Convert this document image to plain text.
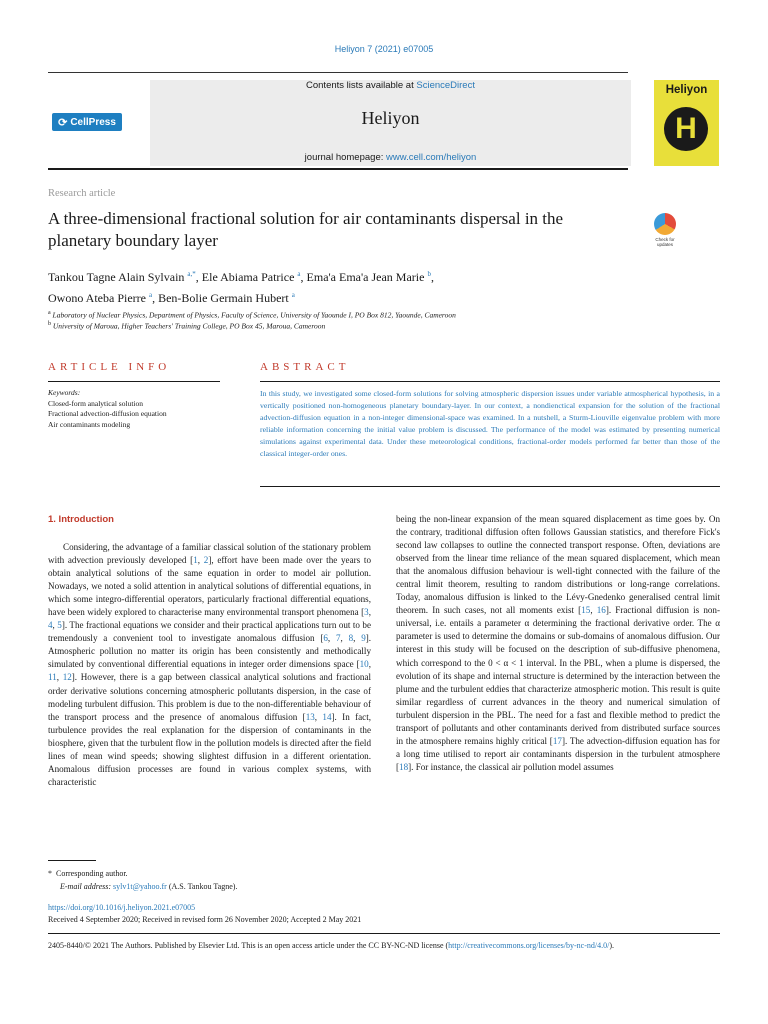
Heliyon 7 (2021) e07005
⟳ CellPress
Contents lists available at ScienceDirect
Heliyon
journal homepage: www.cell.com/heliyon
Heliyon
H
Research article
A three-dimensional fractional solution for air contaminants dispersal in the planetary boundary layer	Check for updates
Tankou Tagne Alain Sylvain $^{a,*}$, Ele Abiama Patrice $^a$, Ema'a Ema'a Jean Marie $^b$,
Owono Ateba Pierre $^a$, Ben-Bolie Germain Hubert $^a$
$^a$ Laboratory of Nuclear Physics, Department of Physics, Faculty of Science, University of Yaounde I, PO Box 812, Yaounde, Cameroon
$^b$ University of Maroua, Higher Teachers' Training College, PO Box 45, Maroua, Cameroon
ARTICLE INFO	ABSTRACT
Keywords:
Closed-form analytical solution
Fractional advection-diffusion equation
Air contaminants modeling
In this study, we investigated some closed-form solutions for solving atmospheric dispersion issues under variable atmospherical hypothesis, in a vertically positioned non-homogeneous planetary boundary-layer. In our context, a nondienctical expansion for the solution of the fractional advection-diffusion equation in a non-integer dimensional-space was examined. In a nutshell, a Sturm-Liouville eigenvalue problem with more reliable information concerning the initial value problem is discussed. The performance of the model was estimated by presenting numerical simulations against experimental data. Under these meteorological conditions, fractional-order models performed far better than those of the classical integer-order ones.
1. Introduction
Considering, the advantage of a familiar classical solution of the stationary problem with advection previously developed [1, 2], effort have been made over the years to obtain analytical solutions of the same equation in order to model air pollution. Nowadays, we noted a solid attention in analytical solutions of differential equations, in which some integro-differential operators, particularly fractional differential equations, have been widely explored to characterise many environmental transport phenomena [3, 4, 5]. The fractional equations we consider and their practical applications turn out to be tremendously a convenient tool to investigate anomalous diffusion [6, 7, 8, 9]. Atmospheric pollution no matter its origin has been consistently and methodically simulated by conventional differential equations in integer order dimensions space [10, 11, 12]. However, there is a gap between classical analytical solutions and fractional order derivative solutions concerning atmospheric pollutants dispersion, in the case of modeling turbulent diffusion. This problem is due to the non-differentiable behaviour of the transport process and the presence of anomalous diffusion [13, 14]. In fact, turbulence provides the real explanation for the dispersion of contaminants in the biosphere, given that the turbulent flow in the pollution models is directed after the field lines of mean wind speeds; showing slightest diffusion in a different orientation. Anomalous diffusion processes are found in various complex systems, with characteristic
being the non-linear expansion of the mean squared displacement as time goes by. On the contrary, traditional diffusion often follows Gaussian statistics, and therefore Fick's second law collapses to outline the connected transport response. Often, deviations are observed from the linear time reliance of the mean squared displacement, which mean that the anomalous diffusion behaviour is well-tight connected with the failure of the central limit theorem, resulting to random distributions or long-range correlations. Today, anomalous diffusion is linked to the Lévy-Gnedenko generalised central limit theorem. In such cases, not all moments exist [15, 16]. Fractional diffusion is non-universal, i.e. entails a parameter α determining the fractional derivative order. The α parameter is used to determine the domains or sub-domains of anomalous diffusion. Our interest in this study will be focused on the description of sub-diffusive phenomena, which correspond to the 0 < α < 1 interval. In the PBL, when a plume is dispersed, the evolution of its shape and internal structure is determined by the interaction between the plume and the turbulent eddies that characterize atmospheric motion. This result is quite similar regardless of current advances in the theory and numerical simulation of turbulent dispersion in the PBL. The need for a fast and flexible method to predict the transport of pollutants and other contaminants derived from distributed surface sources in the atmosphere remains highly critical [17]. The advection-diffusion equation has for a long time utilised to report air contaminants dispersion in the turbulent atmosphere [18]. For instance, the classical air pollution model assumes
* Corresponding author.
E-mail address: sylv1t@yahoo.fr (A.S. Tankou Tagne).
https://doi.org/10.1016/j.heliyon.2021.e07005
Received 4 September 2020; Received in revised form 26 November 2020; Accepted 2 May 2021
2405-8440/© 2021 The Authors. Published by Elsevier Ltd. This is an open access article under the CC BY-NC-ND license (http://creativecommons.org/licenses/by-nc-nd/4.0/).
